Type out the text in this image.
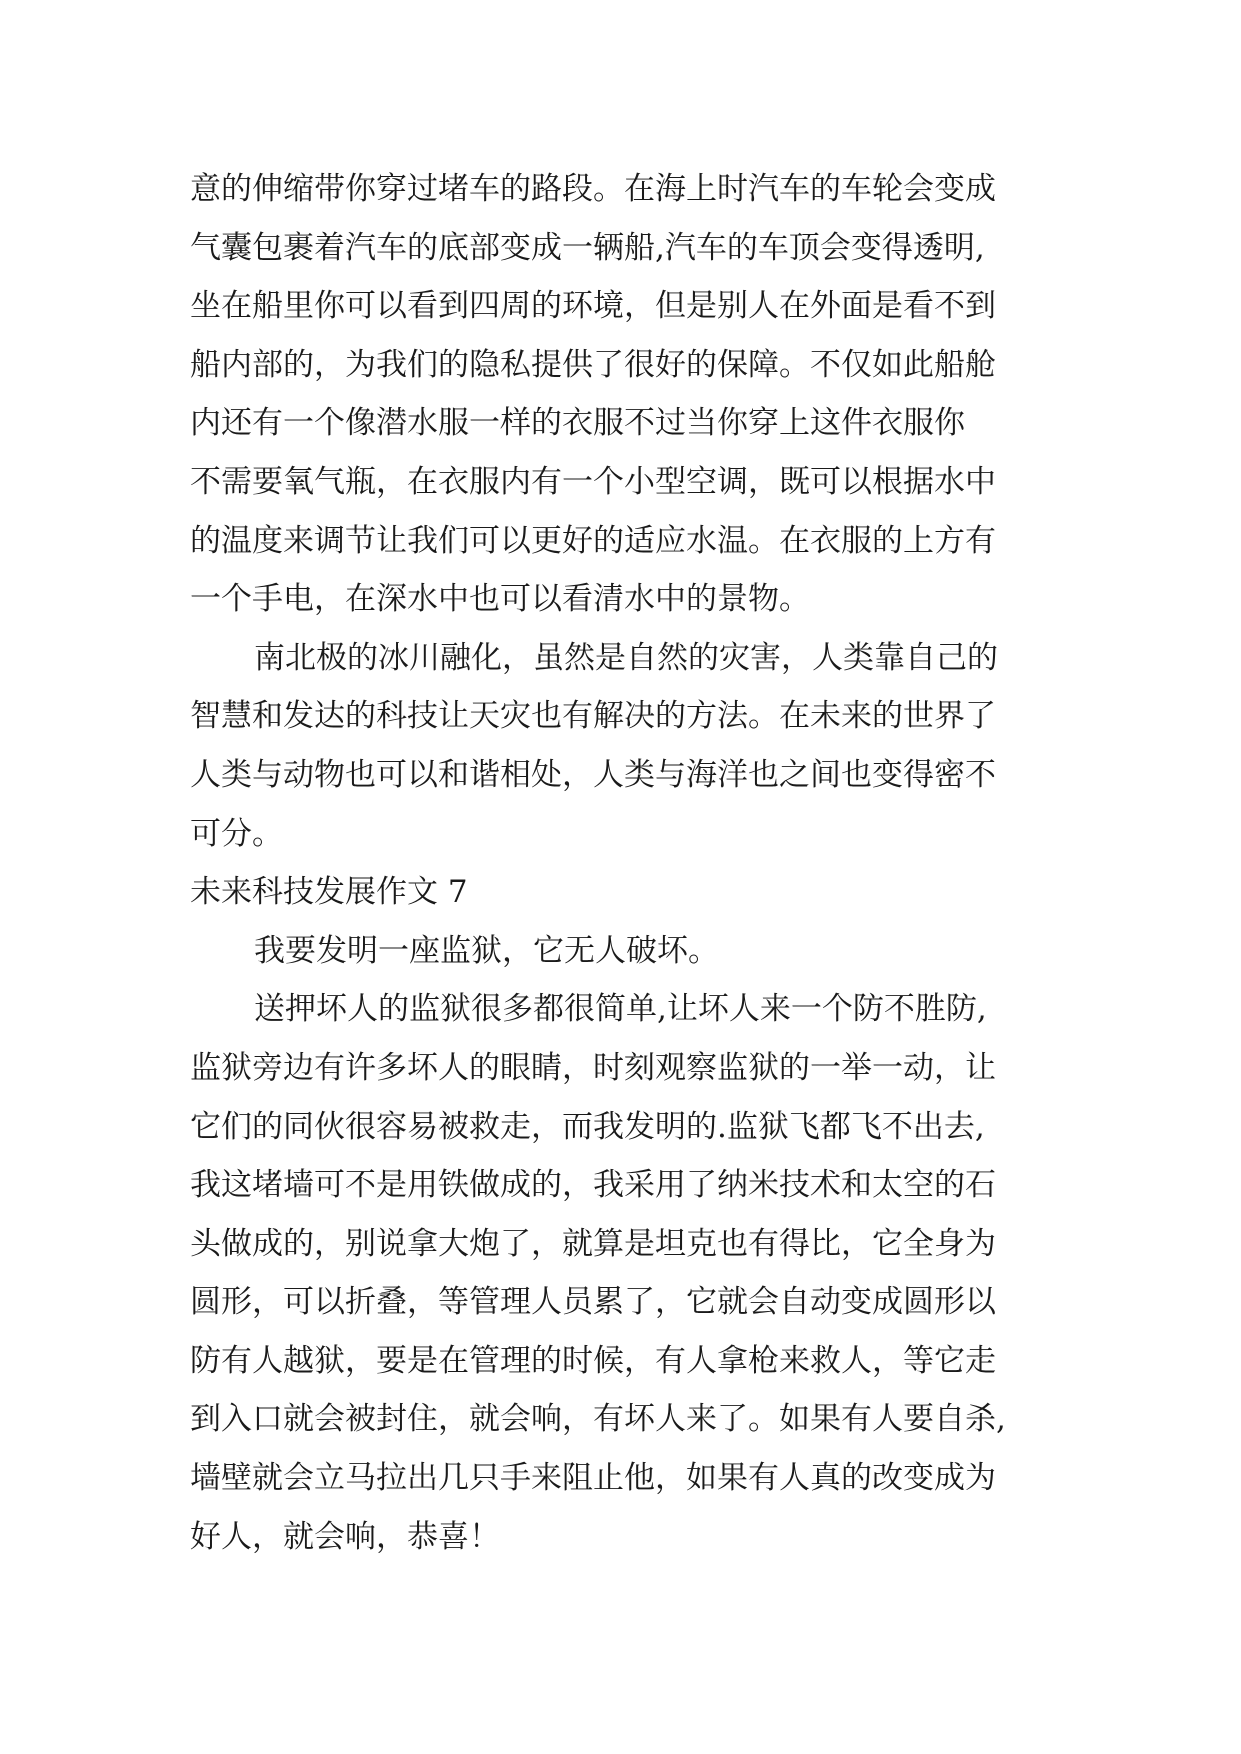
意的伸缩带你穿过堵车的路段。在海上时汽车的车轮会变成
气囊包裹着汽车的底部变成一辆船,汽车的车顶会变得透明,
坐在船里你可以看到四周的环境，但是别人在外面是看不到
船内部的，为我们的隐私提供了很好的保障。不仅如此船舱
内还有一个像潜水服一样的衣服不过当你穿上这件衣服你
不需要氧气瓶，在衣服内有一个小型空调，既可以根据水中
的温度来调节让我们可以更好的适应水温。在衣服的上方有
一个手电，在深水中也可以看清水中的景物。
南北极的冰川融化，虽然是自然的灾害，人类靠自己的
智慧和发达的科技让天灾也有解决的方法。在未来的世界了
人类与动物也可以和谐相处，人类与海洋也之间也变得密不
可分。
未来科技发展作文 7
我要发明一座监狱，它无人破坏。
送押坏人的监狱很多都很简单,让坏人来一个防不胜防,
监狱旁边有许多坏人的眼睛，时刻观察监狱的一举一动，让
它们的同伙很容易被救走，而我发明的.监狱飞都飞不出去,
我这堵墙可不是用铁做成的，我采用了纳米技术和太空的石
头做成的，别说拿大炮了，就算是坦克也有得比，它全身为
圆形，可以折叠，等管理人员累了，它就会自动变成圆形以
防有人越狱，要是在管理的时候，有人拿枪来救人，等它走
到入口就会被封住，就会响，有坏人来了。如果有人要自杀,
墙壁就会立马拉出几只手来阻止他，如果有人真的改变成为
好人，就会响，恭喜！
